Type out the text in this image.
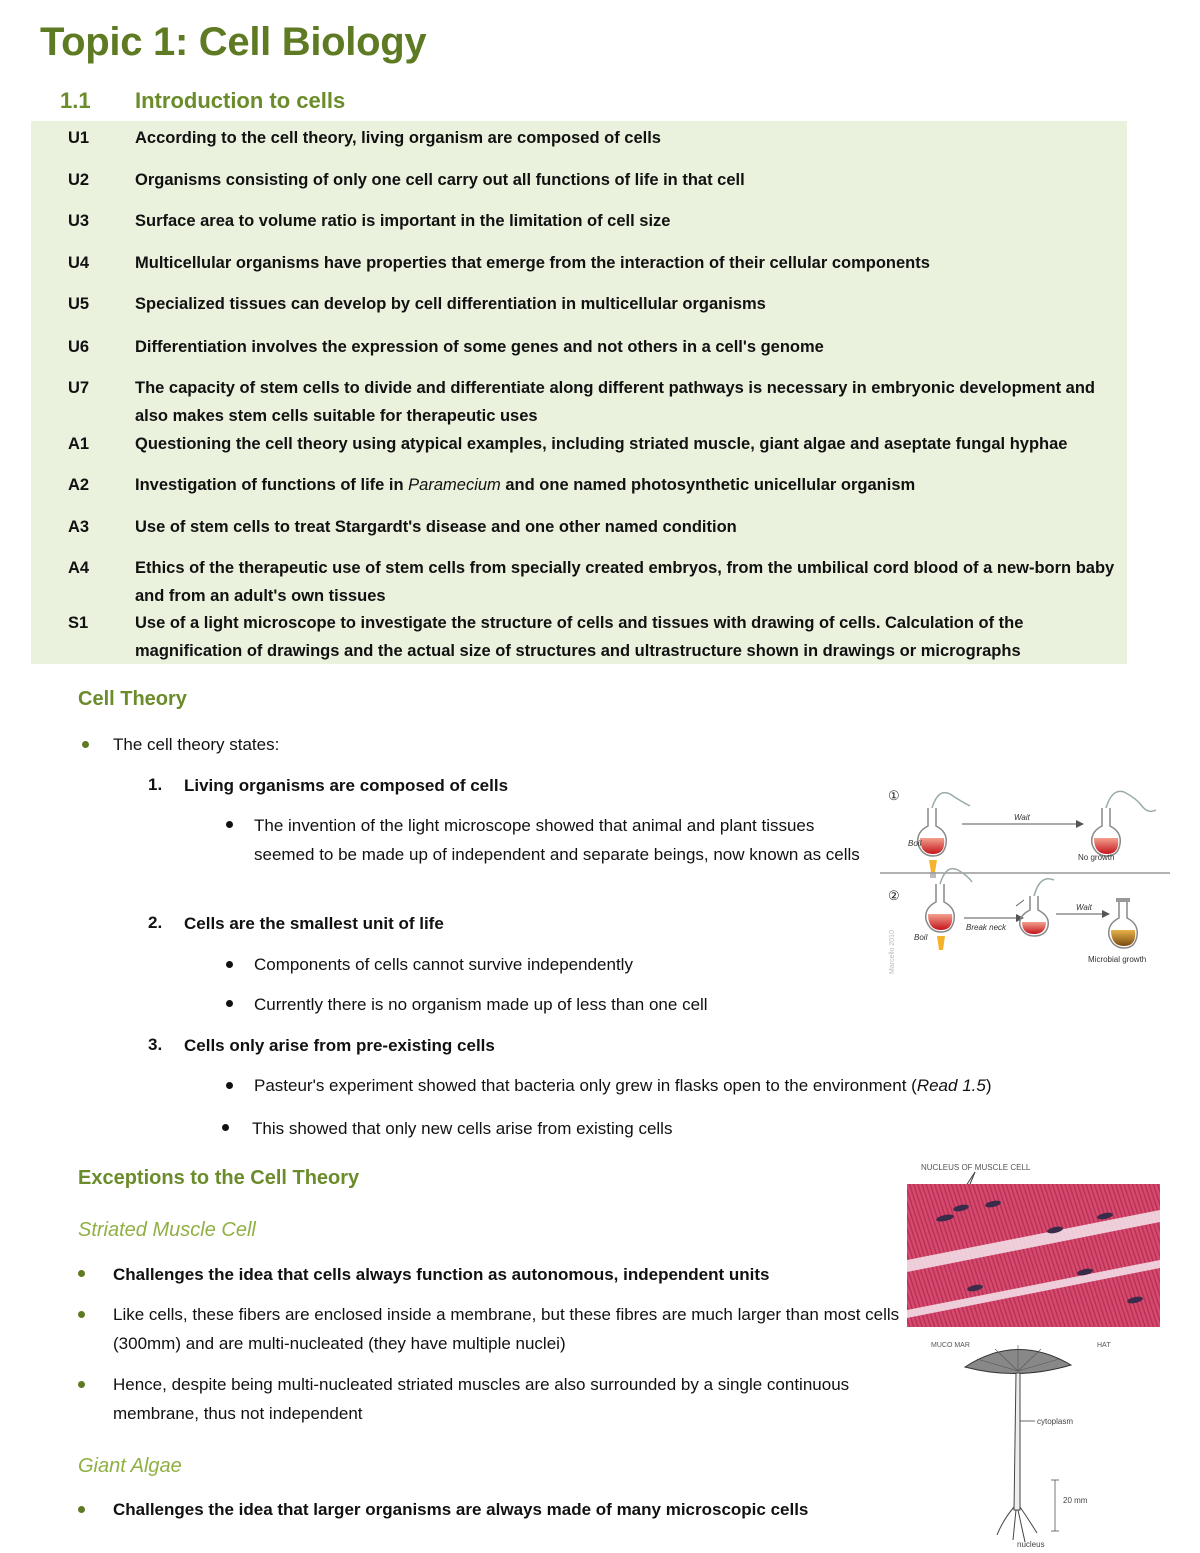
Topic 1: Cell Biology
1.1 Introduction to cells
U1	According to the cell theory, living organism are composed of cells
U2	Organisms consisting of only one cell carry out all functions of life in that cell
U3	Surface area to volume ratio is important in the limitation of cell size
U4	Multicellular organisms have properties that emerge from the interaction of their cellular components
U5	Specialized tissues can develop by cell differentiation in multicellular organisms
U6	Differentiation involves the expression of some genes and not others in a cell's genome
U7	The capacity of stem cells to divide and differentiate along different pathways is necessary in embryonic development and also makes stem cells suitable for therapeutic uses
A1	Questioning the cell theory using atypical examples, including striated muscle, giant algae and aseptate fungal hyphae
A2	Investigation of functions of life in Paramecium and one named photosynthetic unicellular organism
A3	Use of stem cells to treat Stargardt's disease and one other named condition
A4	Ethics of the therapeutic use of stem cells from specially created embryos, from the umbilical cord blood of a new-born baby and from an adult's own tissues
S1	Use of a light microscope to investigate the structure of cells and tissues with drawing of cells. Calculation of the magnification of drawings and the actual size of structures and ultrastructure shown in drawings or micrographs
Cell Theory
The cell theory states:
1. Living organisms are composed of cells
The invention of the light microscope showed that animal and plant tissues seemed to be made up of independent and separate beings, now known as cells
2. Cells are the smallest unit of life
Components of cells cannot survive independently
Currently there is no organism made up of less than one cell
3. Cells only arise from pre-existing cells
Pasteur's experiment showed that bacteria only grew in flasks open to the environment (Read 1.5)
This showed that only new cells arise from existing cells
Exceptions to the Cell Theory
Striated Muscle Cell
Challenges the idea that cells always function as autonomous, independent units
Like cells, these fibers are enclosed inside a membrane, but these fibres are much larger than most cells (300mm) and are multi-nucleated (they have multiple nuclei)
Hence, despite being multi-nucleated striated muscles are also surrounded by a single continuous membrane, thus not independent
Giant Algae
Challenges the idea that larger organisms are always made of many microscopic cells
①
Boil
Wait
No growth
②
Boil
Break neck
Wait
Microbial growth
Marcello 2010
NUCLEUS OF MUSCLE CELL
MUCO MAR	HAT
cytoplasm
20 mm
nucleus
